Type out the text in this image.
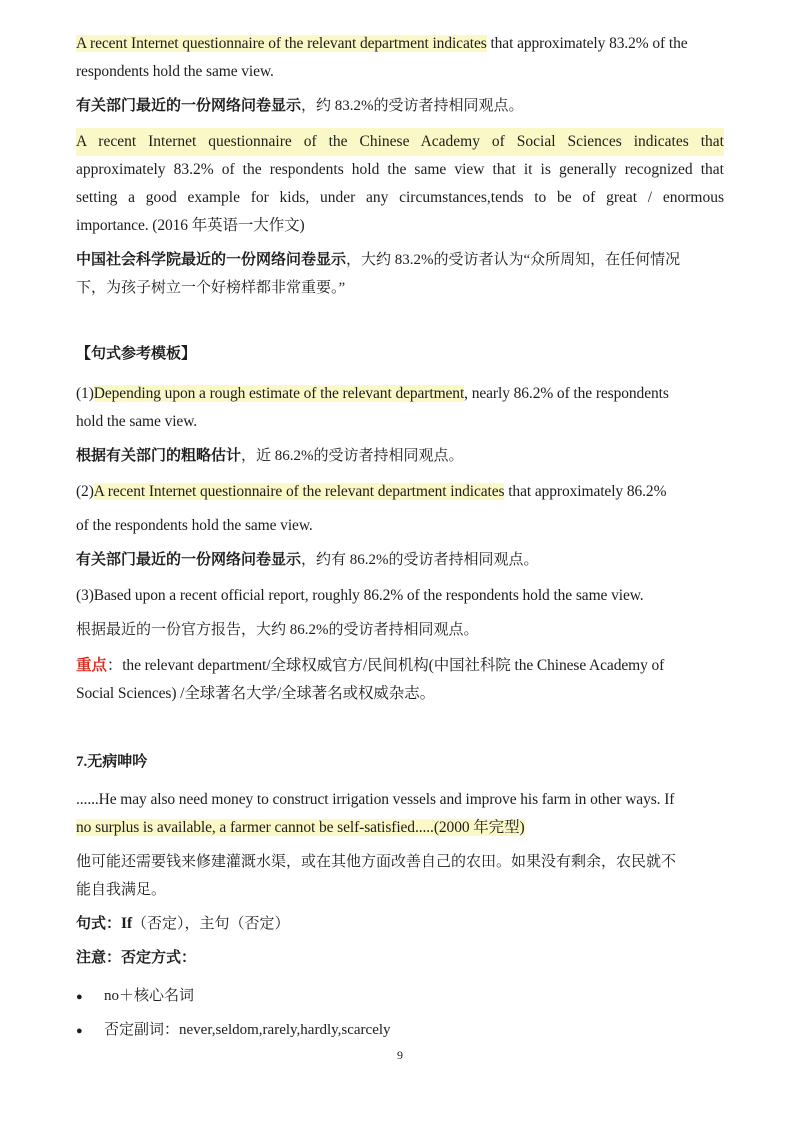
A recent Internet questionnaire of the relevant department indicates that approximately 83.2% of the
respondents hold the same view.
有关部门最近的一份网络问卷显示，约 83.2%的受访者持相同观点。
A recent Internet questionnaire of the Chinese Academy of Social Sciences indicates that
approximately 83.2% of the respondents hold the same view that it is generally recognized that
setting a good example for kids, under any circumstances,tends to be of great / enormous
importance. (2016 年英语一大作文)
中国社会科学院最近的一份网络问卷显示，大约 83.2%的受访者认为“众所周知，在任何情况
下，为孩子树立一个好榜样都非常重要。”
【句式参考模板】
(1)Depending upon a rough estimate of the relevant department, nearly 86.2% of the respondents
hold the same view.
根据有关部门的粗略估计，近 86.2%的受访者持相同观点。
(2)A recent Internet questionnaire of the relevant department indicates that approximately 86.2%
of the respondents hold the same view.
有关部门最近的一份网络问卷显示，约有 86.2%的受访者持相同观点。
(3)Based upon a recent official report, roughly 86.2% of the respondents hold the same view.
根据最近的一份官方报告，大约 86.2%的受访者持相同观点。
重点：the relevant department/全球权威官方/民间机构(中国社科院 the Chinese Academy of
Social Sciences) /全球著名大学/全球著名或权威杂志。
7.无病呻吟
......He may also need money to construct irrigation vessels and improve his farm in other ways. If
no surplus is available, a farmer cannot be self-satisfied.....(2000 年完型)
他可能还需要钱来修建灌溉水渠，或在其他方面改善自己的农田。如果没有剩余，农民就不
能自我满足。
句式：If（否定），主句（否定）
注意：否定方式：
● no＋核心名词
● 否定副词：never,seldom,rarely,hardly,scarcely
9
